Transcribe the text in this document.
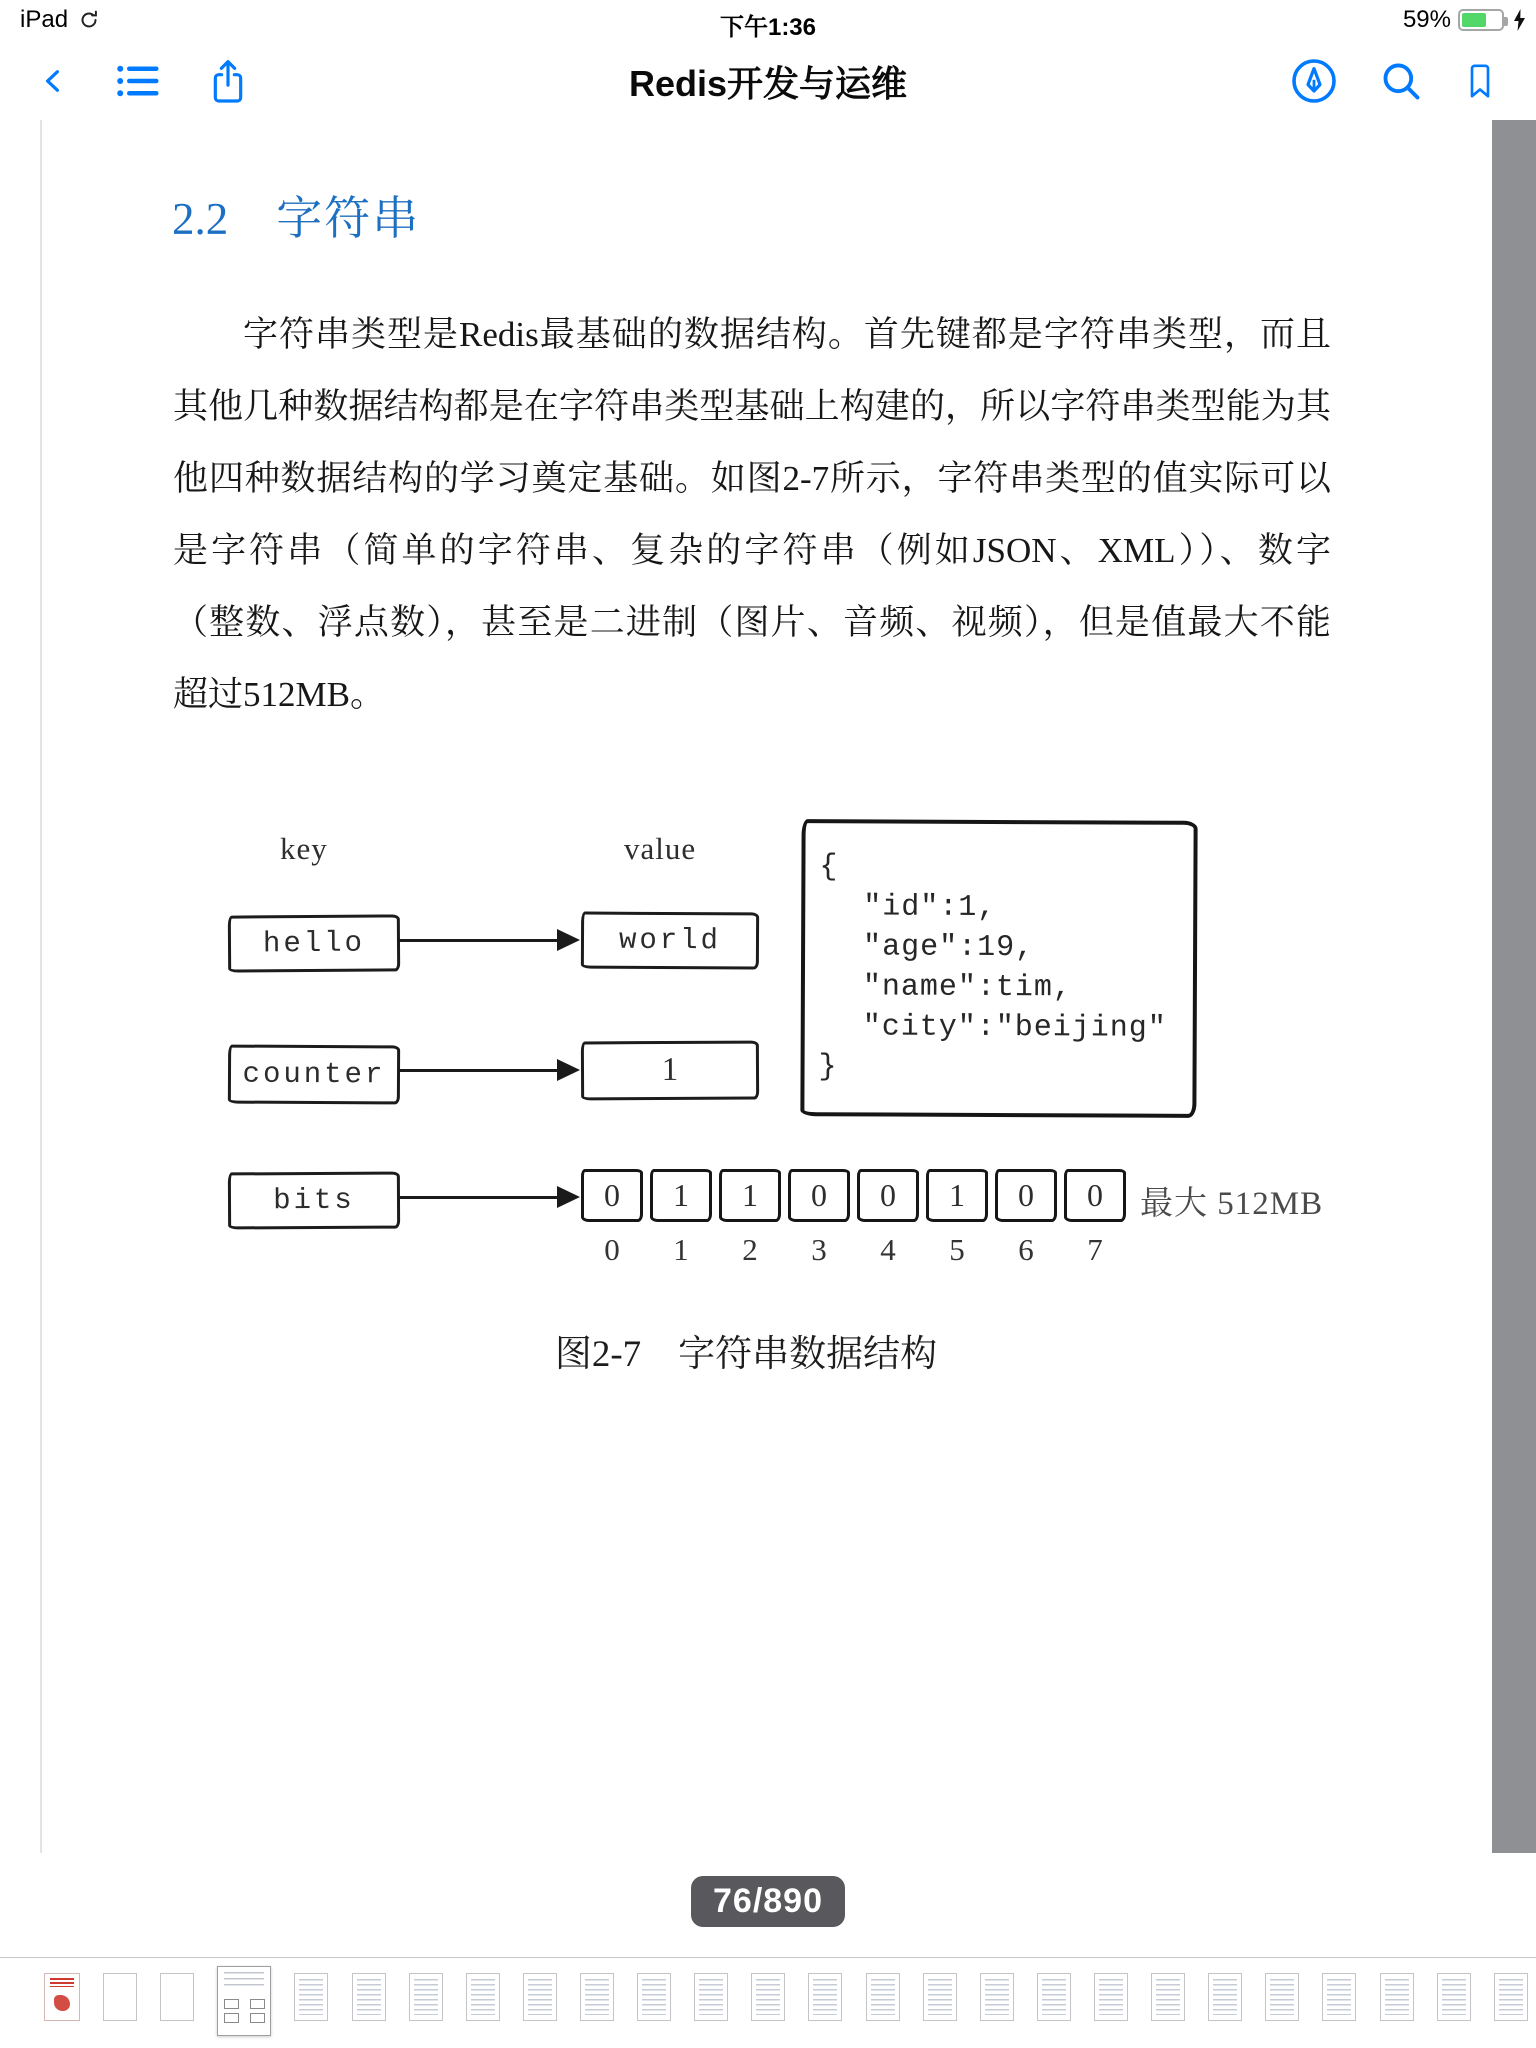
iPad	下午1:36	59%
Redis开发与运维
2.2 字符串
字符串类型是Redis最基础的数据结构。首先键都是字符串类型，而且
其他几种数据结构都是在字符串类型基础上构建的，所以字符串类型能为其
他四种数据结构的学习奠定基础。如图2-7所示，字符串类型的值实际可以
是字符串（简单的字符串、复杂的字符串（例如JSON、XML））、数字
（整数、浮点数），甚至是二进制（图片、音频、视频），但是值最大不能
超过512MB。
key	value
hello	world
{
"id":1,
"age":19,
"name":tim,
"city":"beijing"
}
counter	1
bits	0	1	1	0	0	1	0	0
0	1	2	3	4	5	6	7
最大 512MB
图2-7　字符串数据结构
76/890
